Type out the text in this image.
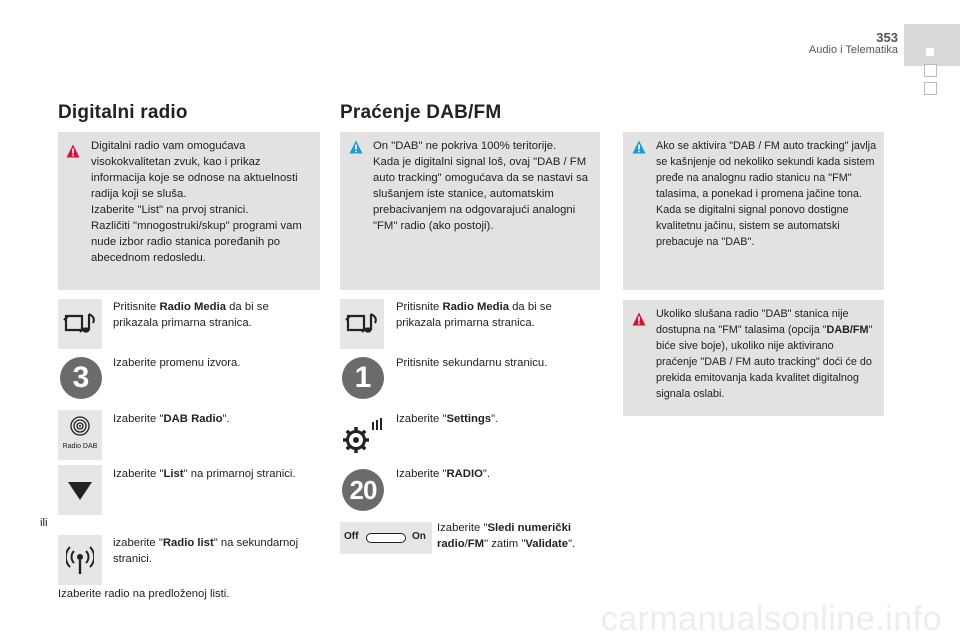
353
Audio i Telematika
Digitalni radio
Digitalni radio vam omogućava visokokvalitetan zvuk, kao i prikaz informacija koje se odnose na aktuelnosti radija koji se sluša.
Izaberite "List" na prvoj stranici.
Različiti "mnogostruki/skup" programi vam nude izbor radio stanica poređanih po abecednom redosledu.
Pritisnite Radio Media da bi se prikazala primarna stranica.
3	Izaberite promenu izvora.
Radio DAB
Izaberite "DAB Radio".
Izaberite "List" na primarnoj stranici.
ili
izaberite "Radio list" na sekundarnoj stranici.
Izaberite radio na predloženoj listi.
Praćenje DAB/FM
On "DAB" ne pokriva 100% teritorije.
Kada je digitalni signal loš, ovaj "DAB / FM auto tracking" omogućava da se nastavi sa slušanjem iste stanice, automatskim prebacivanjem na odgovarajući analogni "FM" radio (ako postoji).
Pritisnite Radio Media da bi se prikazala primarna stranica.
1	Pritisnite sekundarnu stranicu.
Izaberite "Settings".
20
Izaberite "RADIO".
Off	On
Izaberite "Sledi numerički radio/FM" zatim "Validate".
Ako se aktivira "DAB / FM auto tracking" javlja se kašnjenje od nekoliko sekundi kada sistem pređe na analognu radio stanicu na "FM" talasima, a ponekad i promena jačine tona.
Kada se digitalni signal ponovo dostigne kvalitetnu jačinu, sistem se automatski prebacuje na "DAB".
Ukoliko slušana radio "DAB" stanica nije dostupna na "FM" talasima (opcija "DAB/FM" biće sive boje), ukoliko nije aktivirano praćenje "DAB / FM auto tracking" doći će do prekida emitovanja kada kvalitet digitalnog signala oslabi.
carmanualsonline.info
